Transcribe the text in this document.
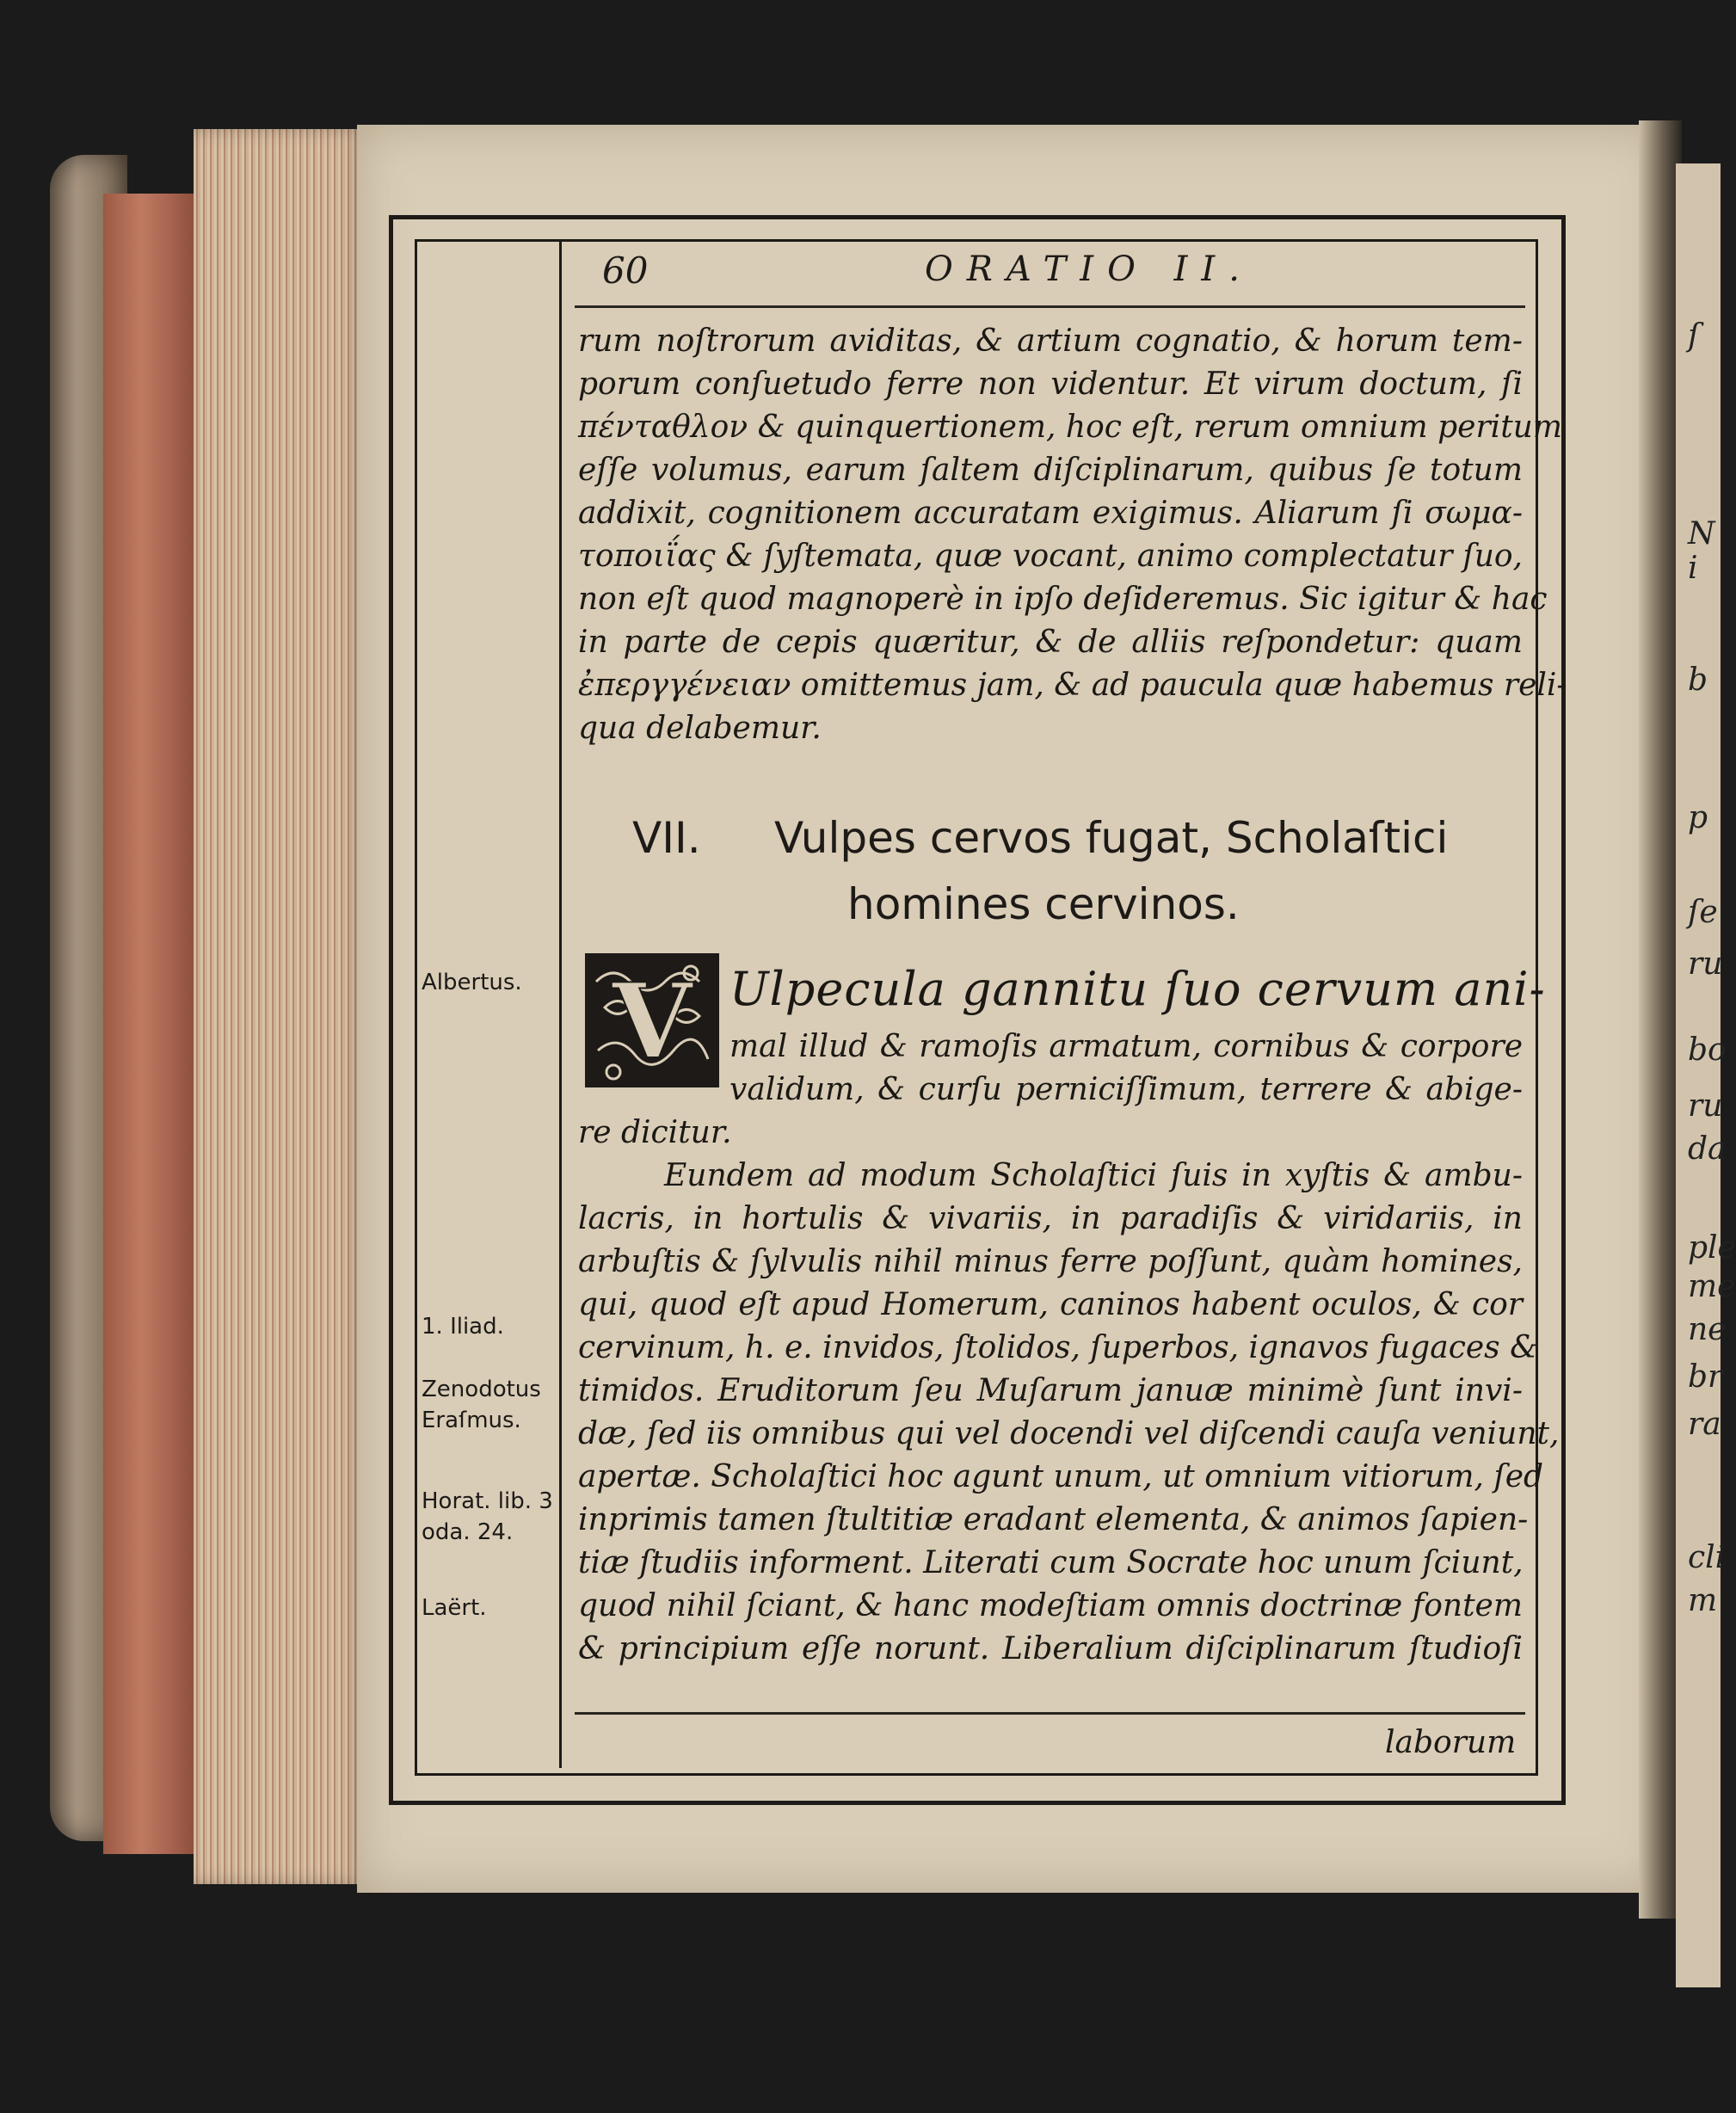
ſ
N
i
b
p
ſe
ru
bo
ru
da
ple
me
ne
br
ra
cli
m
60	ORATIO II.
rum noſtrorum aviditas, & artium cognatio, & horum tem-
porum conſuetudo ferre non videntur. Et virum doctum, ſi
πένταθλον & quinquertionem, hoc eſt, rerum omnium peritum
eſſe volumus, earum ſaltem diſciplinarum, quibus ſe totum
addixit, cognitionem accuratam exigimus. Aliarum ſi σωμα-
τοποιΐας & ſyſtemata, quæ vocant, animo complectatur ſuo,
non eſt quod magnoperè in ipſo deſideremus. Sic igitur & hac
in parte de cepis quæritur, & de alliis reſpondetur: quam
ἐπεργγένειαν omittemus jam, & ad paucula quæ habemus reli-
qua delabemur.
VII. Vulpes cervos fugat, Scholaſtici
homines cervinos.
V Ulpecula gannitu ſuo cervum ani-
mal illud & ramoſis armatum, cornibus & corpore
validum, & curſu perniciſſimum, terrere & abige-
re dicitur.
Eundem ad modum Scholaſtici ſuis in xyſtis & ambu-
lacris, in hortulis & vivariis, in paradiſis & viridariis, in
arbuſtis & ſylvulis nihil minus ferre poſſunt, quàm homines,
qui, quod eſt apud Homerum, caninos habent oculos, & cor
cervinum, h. e. invidos, ſtolidos, ſuperbos, ignavos fugaces &
timidos. Eruditorum ſeu Muſarum januæ minimè ſunt invi-
dæ, ſed iis omnibus qui vel docendi vel diſcendi cauſa veniunt,
apertæ. Scholaſtici hoc agunt unum, ut omnium vitiorum, ſed
inprimis tamen ſtultitiæ eradant elementa, & animos ſapien-
tiæ ſtudiis informent. Literati cum Socrate hoc unum ſciunt,
quod nihil ſciant, & hanc modeſtiam omnis doctrinæ fontem
& principium eſſe norunt. Liberalium diſciplinarum ſtudioſi
laborum
Albertus.
1. Iliad.
Zenodotus
Eraſmus.
Horat. lib. 3
oda. 24.
Laërt.
